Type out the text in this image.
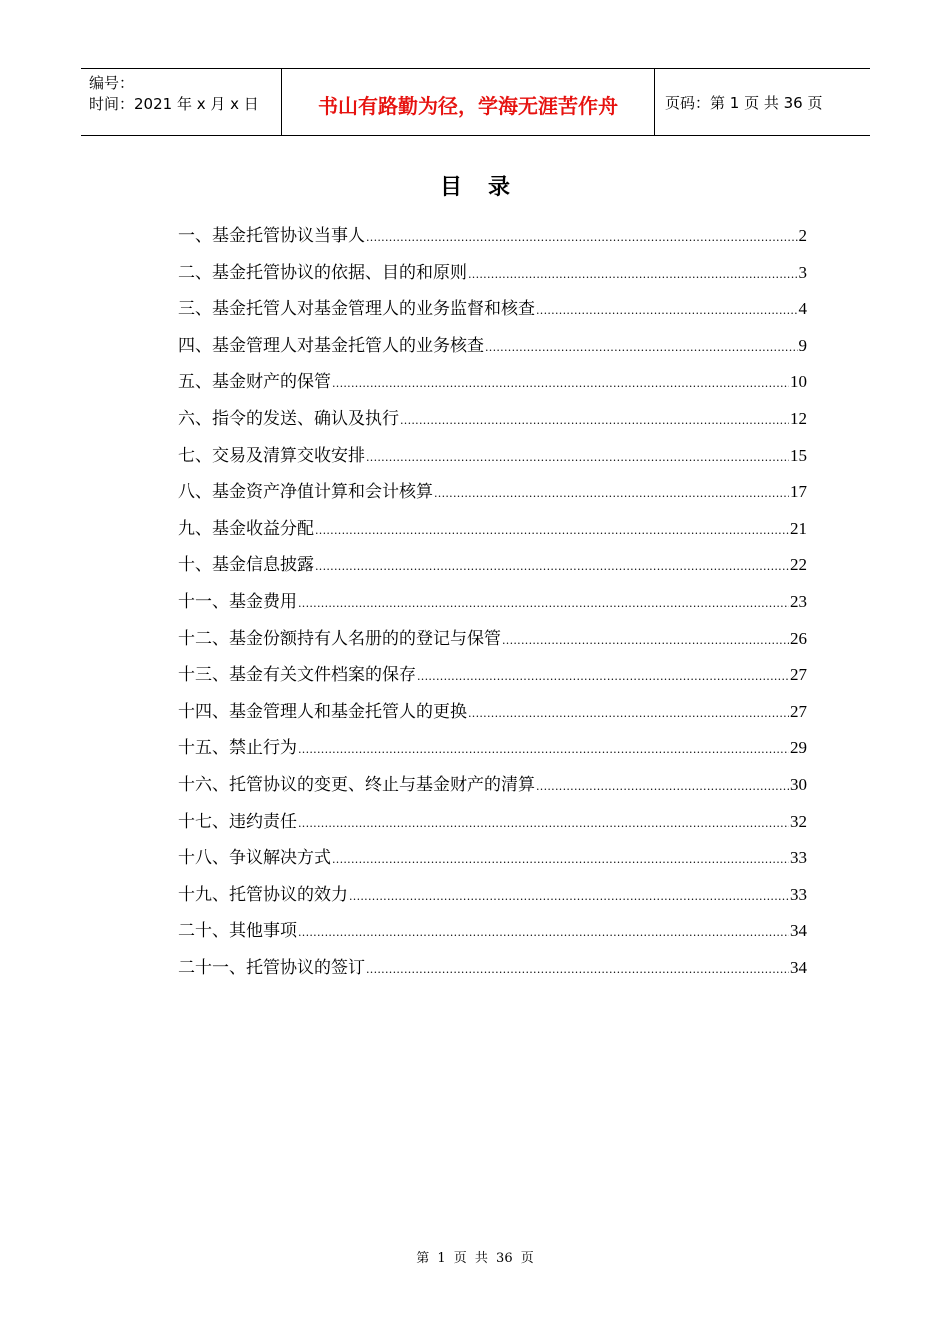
编号：
时间：2021 年 x 月 x 日	书山有路勤为径，学海无涯苦作舟	页码：第 1 页 共 36 页
目录
一、基金托管协议当事人 .....	2
二、基金托管协议的依据、目的和原则 .....	3
三、基金托管人对基金管理人的业务监督和核查 .....	4
四、基金管理人对基金托管人的业务核查 .....	9
五、基金财产的保管 .....	10
六、指令的发送、确认及执行 .....	12
七、交易及清算交收安排 .....	15
八、基金资产净值计算和会计核算 .....	17
九、基金收益分配 .....	21
十、基金信息披露 .....	22
十一、基金费用 .....	23
十二、基金份额持有人名册的的登记与保管 .....	26
十三、基金有关文件档案的保存 .....	27
十四、基金管理人和基金托管人的更换 .....	27
十五、禁止行为 .....	29
十六、托管协议的变更、终止与基金财产的清算 .....	30
十七、违约责任 .....	32
十八、争议解决方式 .....	33
十九、托管协议的效力 .....	33
二十、其他事项 .....	34
二十一、托管协议的签订 .....	34
第 1 页 共 36 页
